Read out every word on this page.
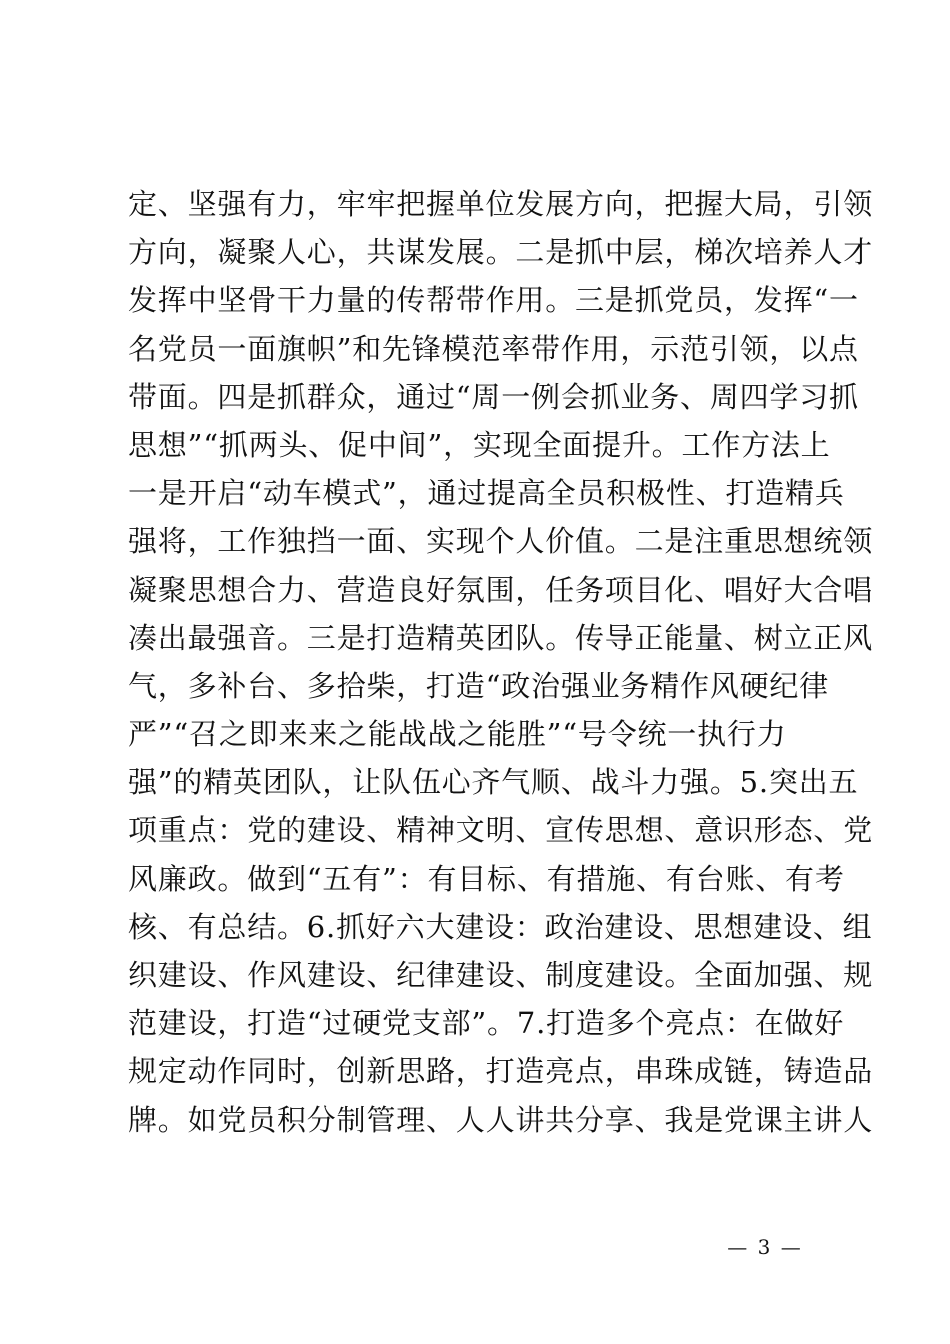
定、坚强有力，牢牢把握单位发展方向，把握大局，引领
方向，凝聚人心，共谋发展。二是抓中层，梯次培养人才
发挥中坚骨干力量的传帮带作用。三是抓党员，发挥“一
名党员一面旗帜”和先锋模范率带作用，示范引领，以点
带面。四是抓群众，通过“周一例会抓业务、周四学习抓
思想”“抓两头、促中间”，实现全面提升。工作方法上
一是开启“动车模式”，通过提高全员积极性、打造精兵
强将，工作独挡一面、实现个人价值。二是注重思想统领
凝聚思想合力、营造良好氛围，任务项目化、唱好大合唱
凑出最强音。三是打造精英团队。传导正能量、树立正风
气，多补台、多拾柴，打造“政治强业务精作风硬纪律
严”“召之即来来之能战战之能胜”“号令统一执行力
强”的精英团队，让队伍心齐气顺、战斗力强。5.突出五
项重点：党的建设、精神文明、宣传思想、意识形态、党
风廉政。做到“五有”：有目标、有措施、有台账、有考
核、有总结。6.抓好六大建设：政治建设、思想建设、组
织建设、作风建设、纪律建设、制度建设。全面加强、规
范建设，打造“过硬党支部”。7.打造多个亮点：在做好
规定动作同时，创新思路，打造亮点，串珠成链，铸造品
牌。如党员积分制管理、人人讲共分享、我是党课主讲人
— 3 —
